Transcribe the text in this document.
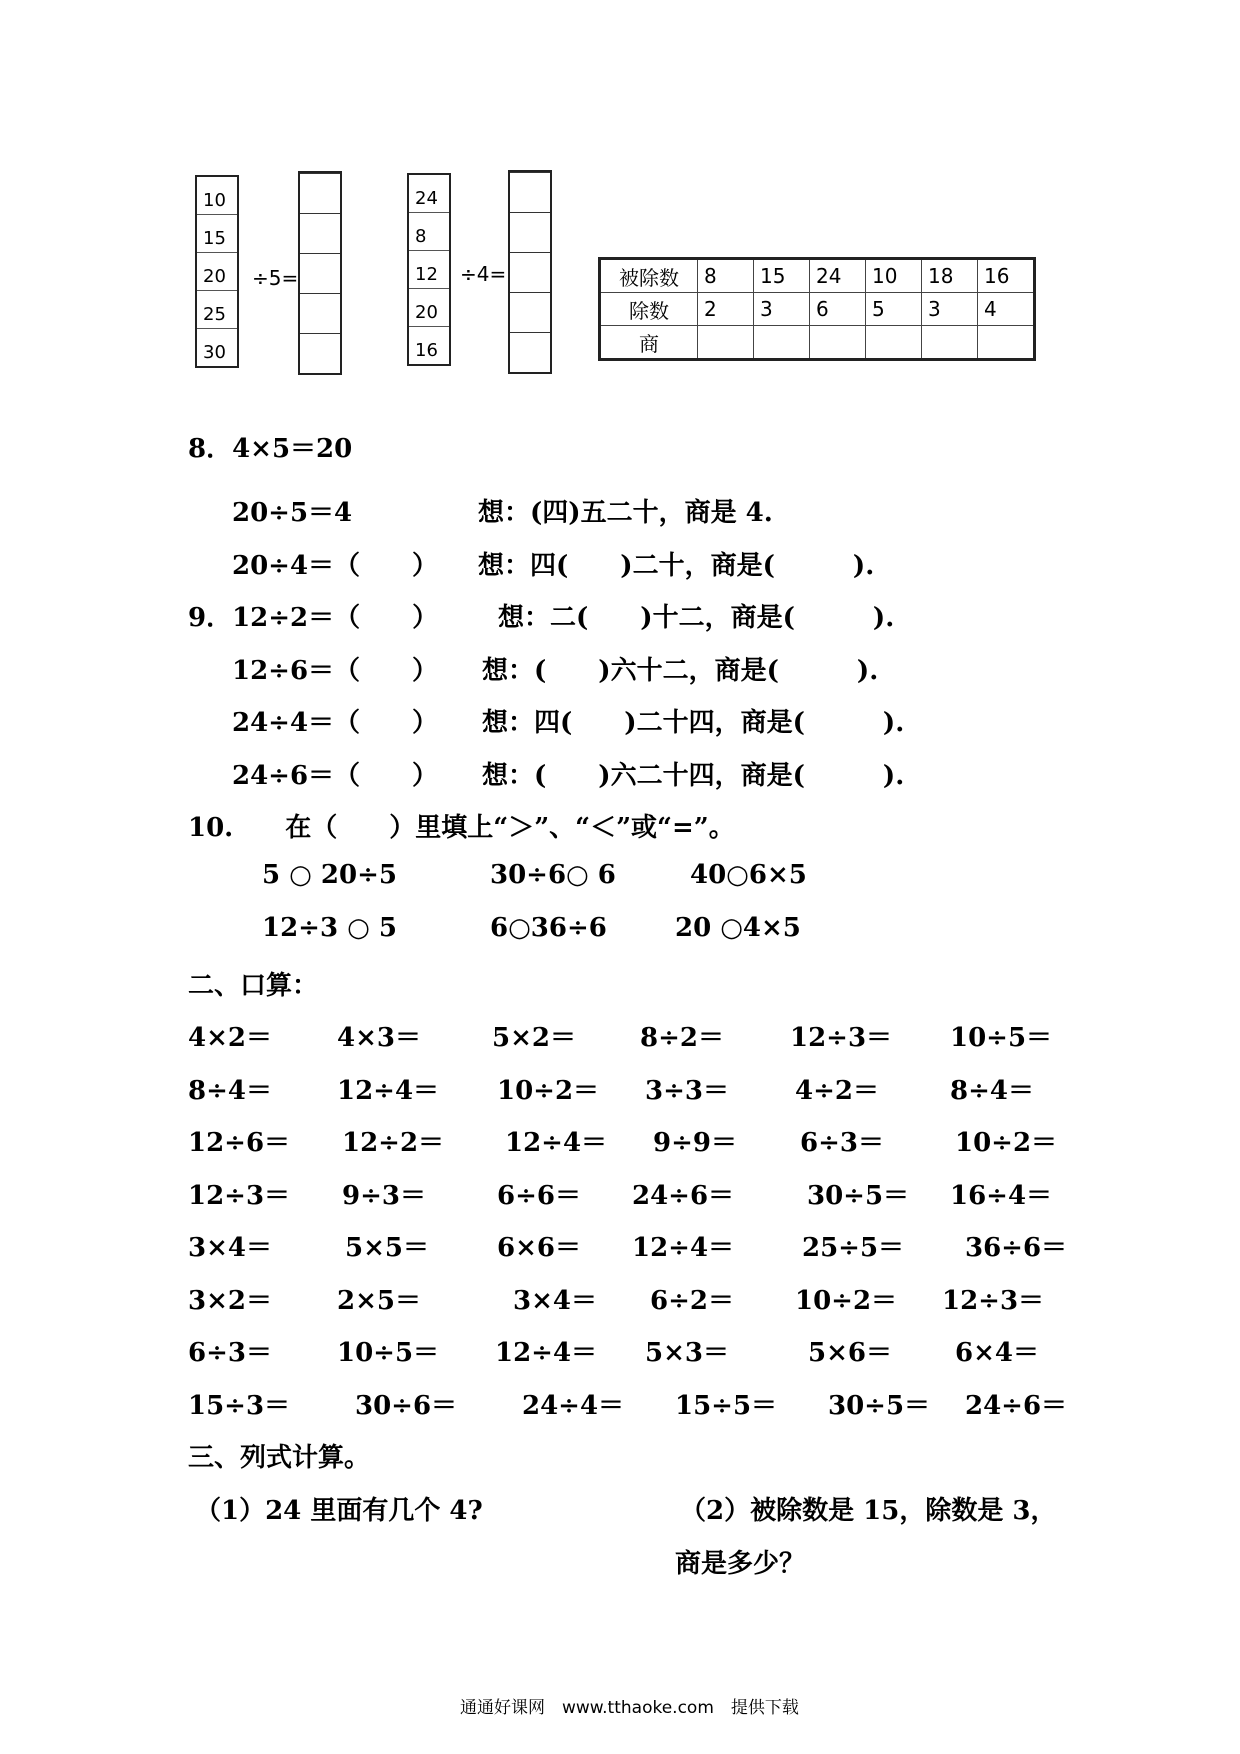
10
15
20
25
30
÷5=
24
8
12
20
16
÷4=	被除数	8	15	24	10	18	16
除数	2	3	6	5	3	4
商						
8．4×5＝20
20÷5＝4	想：(四)五二十，商是 4.
20÷4＝（　　） 想：四(　　)二十，商是(　　　).
9．12÷2＝（　　） 想：二(　　)十二，商是(　　　).
12÷6＝（　　） 想：(　　)六十二，商是(　　　).
24÷4＝（　　） 想：四(　　)二十四，商是(　　　).
24÷6＝（　　） 想：(　　)六二十四，商是(　　　).
10.　　在（　　）里填上“＞”、“＜”或“=”。
5 ○ 20÷5	30÷6○ 6	40○6×5
12÷3 ○ 5	6○36÷6	20 ○4×5
二、口算：
4×2＝	4×3＝	5×2＝ 8÷2＝	12÷3＝ 10÷5＝
8÷4＝	12÷4＝ 10÷2＝ 3÷3＝	4÷2＝	8÷4＝
12÷6＝ 12÷2＝ 12÷4＝ 9÷9＝ 6÷3＝	10÷2＝
12÷3＝ 9÷3＝	6÷6＝ 24÷6＝	30÷5＝ 16÷4＝
3×4＝	5×5＝	6×6＝ 12÷4＝	25÷5＝ 36÷6＝
3×2＝	2×5＝	3×4＝ 6÷2＝ 10÷2＝ 12÷3＝
6÷3＝	10÷5＝ 12÷4＝ 5×3＝	5×6＝ 6×4＝
15÷3＝ 30÷6＝ 24÷4＝ 15÷5＝ 30÷5＝ 24÷6＝
三、列式计算。
（1）24 里面有几个 4?	（2）被除数是 15，除数是 3，
商是多少？
通通好课网　www.tthaoke.com　提供下载
